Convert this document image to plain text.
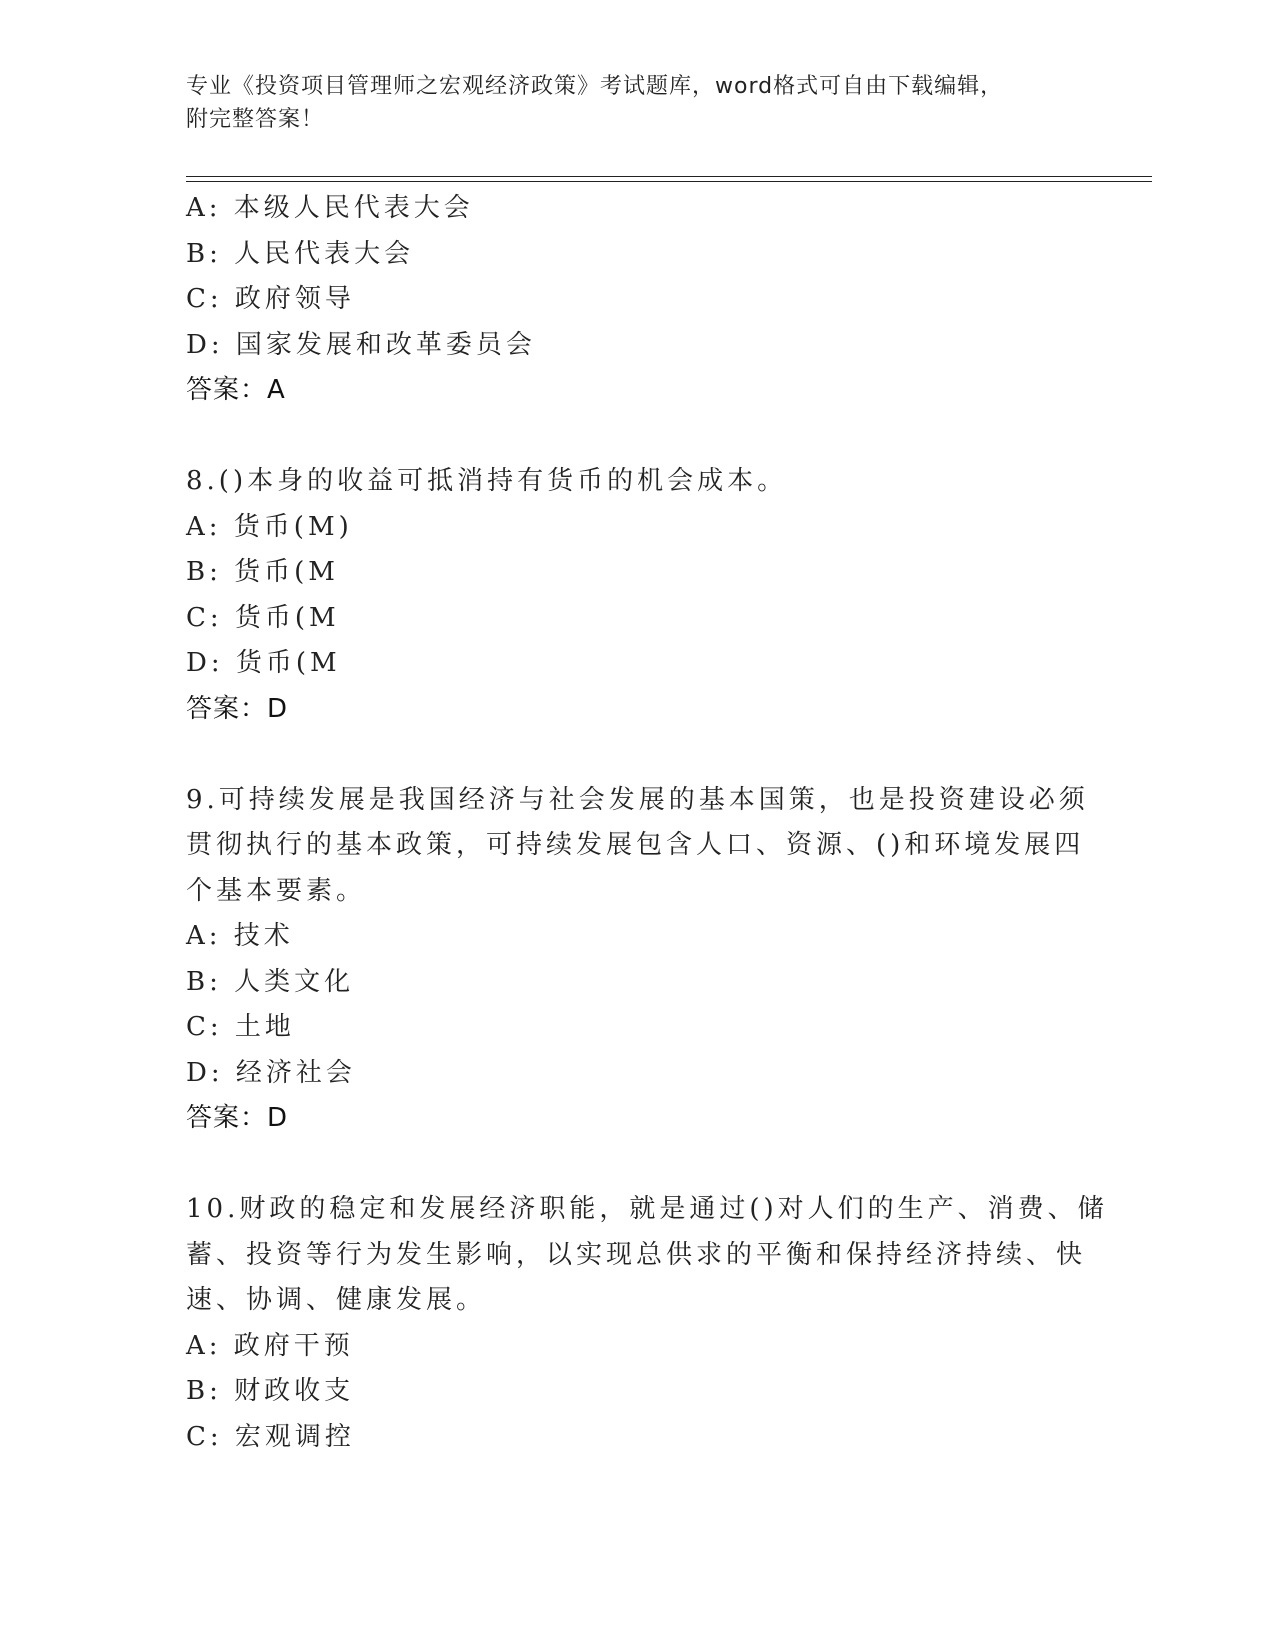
专业《投资项目管理师之宏观经济政策》考试题库，word格式可自由下载编辑，
附完整答案！
A: 本级人民代表大会
B: 人民代表大会
C: 政府领导
D: 国家发展和改革委员会
答案：A
8.()本身的收益可抵消持有货币的机会成本。
A: 货币(M)
B: 货币(M
C: 货币(M
D: 货币(M
答案：D
9.可持续发展是我国经济与社会发展的基本国策，也是投资建设必须
贯彻执行的基本政策，可持续发展包含人口、资源、()和环境发展四
个基本要素。
A: 技术
B: 人类文化
C: 土地
D: 经济社会
答案：D
10.财政的稳定和发展经济职能，就是通过()对人们的生产、消费、储
蓄、投资等行为发生影响，以实现总供求的平衡和保持经济持续、快
速、协调、健康发展。
A: 政府干预
B: 财政收支
C: 宏观调控
